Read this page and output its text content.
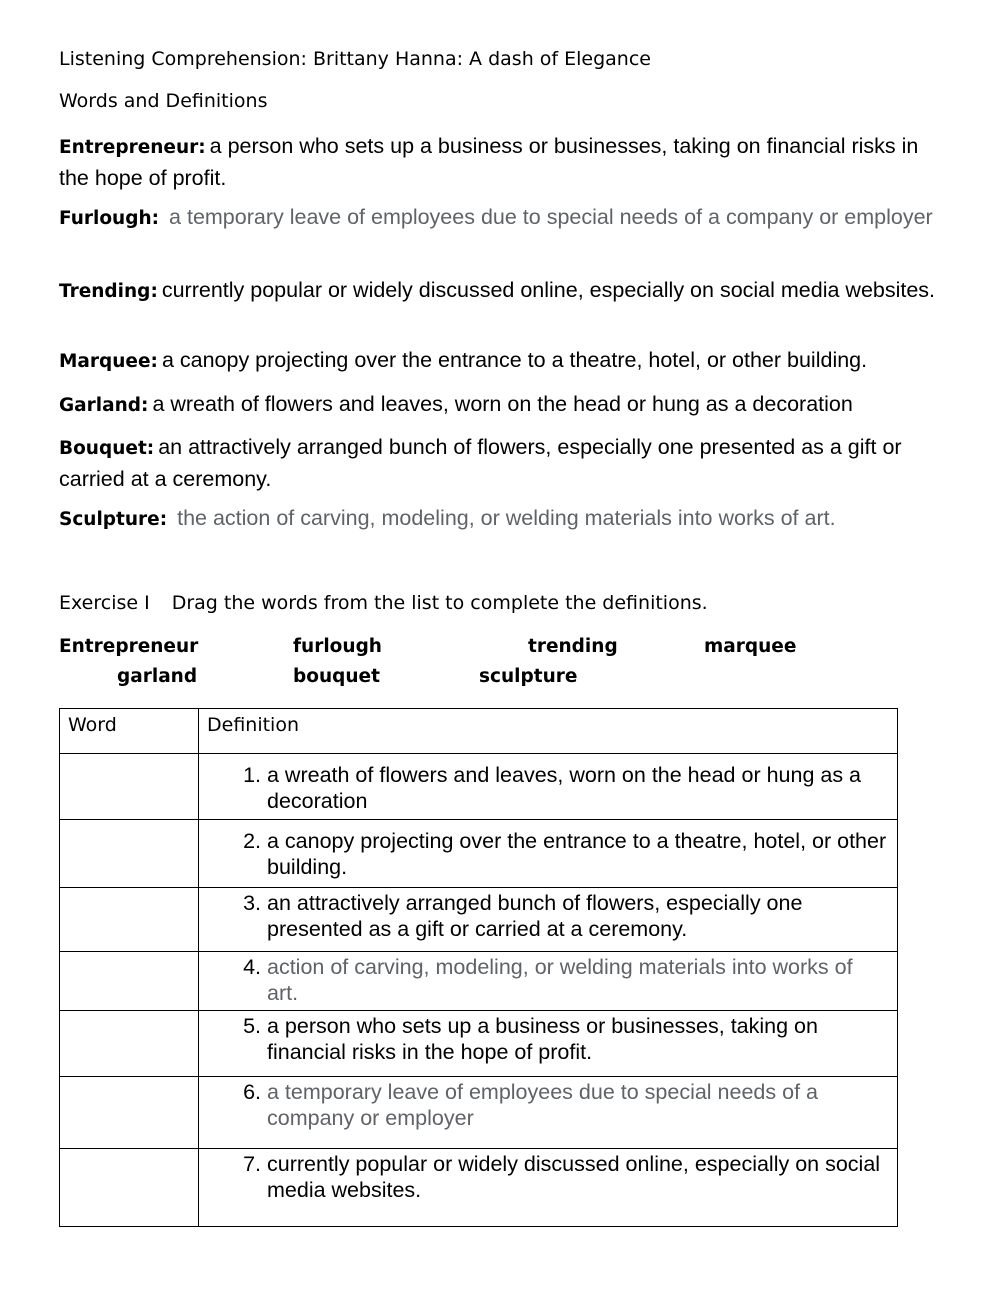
Listening Comprehension: Brittany Hanna: A dash of Elegance
Words and Definitions
Entrepreneur: a person who sets up a business or businesses, taking on financial risks in the hope of profit.
Furlough: a temporary leave of employees due to special needs of a company or employer
Trending: currently popular or widely discussed online, especially on social media websites.
Marquee: a canopy projecting over the entrance to a theatre, hotel, or other building.
Garland: a wreath of flowers and leaves, worn on the head or hung as a decoration
Bouquet: an attractively arranged bunch of flowers, especially one presented as a gift or carried at a ceremony.
Sculpture: the action of carving, modeling, or welding materials into works of art.
Exercise I Drag the words from the list to complete the definitions.
Entrepreneur	furlough	trending	marquee
garland	bouquet	sculpture
Word	Definition

	1. a wreath of flowers and leaves, worn on the head or hung as a decoration

	2. a canopy projecting over the entrance to a theatre, hotel, or other building.

	3. an attractively arranged bunch of flowers, especially one presented as a gift or carried at a ceremony.

	4. action of carving, modeling, or welding materials into works of art.

	5. a person who sets up a business or businesses, taking on financial risks in the hope of profit.

	6. a temporary leave of employees due to special needs of a company or employer

	7. currently popular or widely discussed online, especially on social media websites.
